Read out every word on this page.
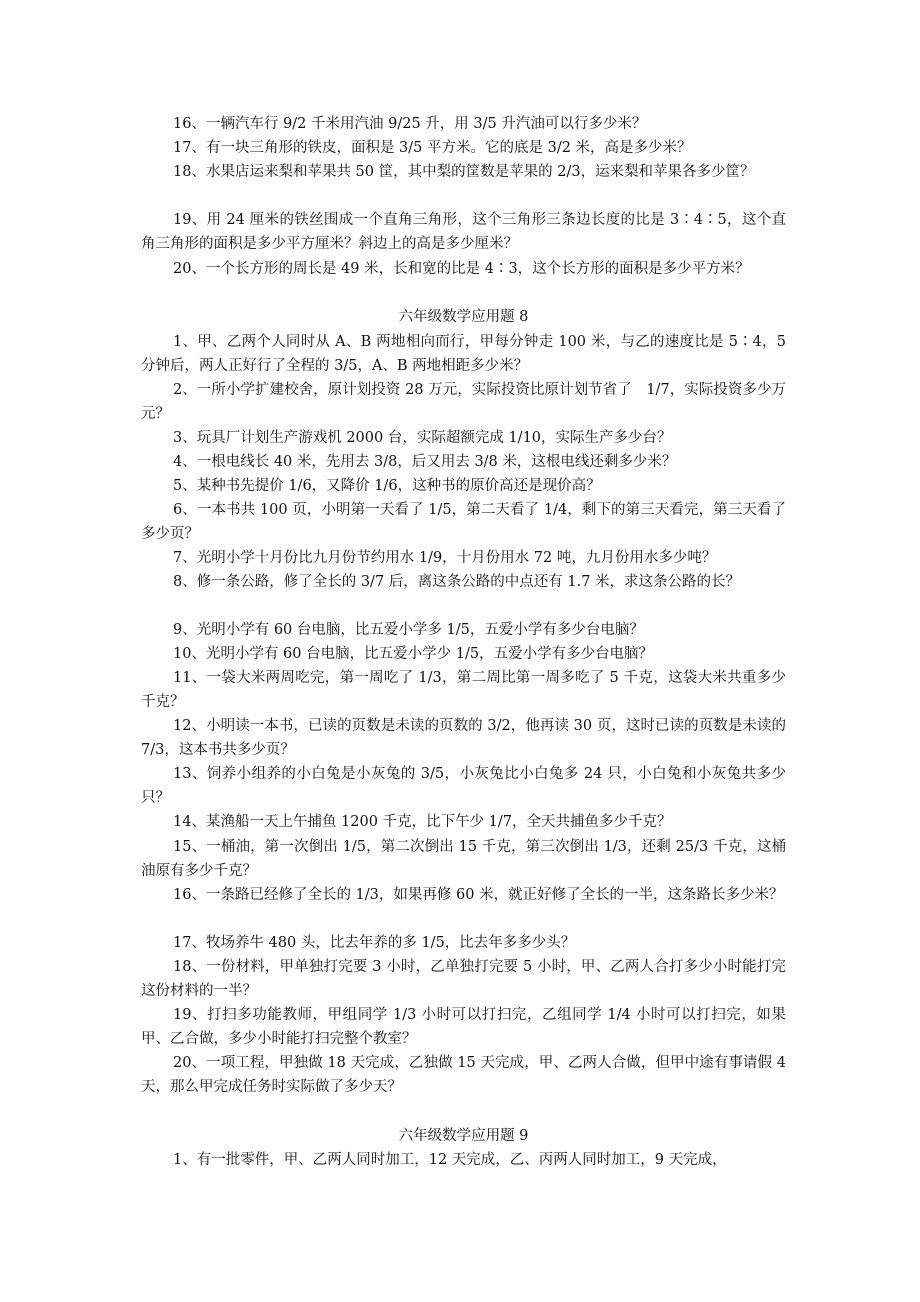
16、一辆汽车行 9/2 千米用汽油 9/25 升，用 3/5 升汽油可以行多少米？

17、有一块三角形的铁皮，面积是 3/5 平方米。它的底是 3/2 米，高是多少米？

18、水果店运来梨和苹果共 50 筐，其中梨的筐数是苹果的 2/3，运来梨和苹果各多少筐？

19、用 24 厘米的铁丝围成一个直角三角形，这个三角形三条边长度的比是 3∶4∶5，这个直角三角形的面积是多少平方厘米？斜边上的高是多少厘米？

20、一个长方形的周长是 49 米，长和宽的比是 4∶3，这个长方形的面积是多少平方米？

六年级数学应用题 8

1、甲、乙两个人同时从 A、B 两地相向而行，甲每分钟走 100 米，与乙的速度比是 5∶4，5 分钟后，两人正好行了全程的 3/5，A、B 两地相距多少米？

2、一所小学扩建校舍，原计划投资 28 万元，实际投资比原计划节省了　1/7，实际投资多少万元？

3、玩具厂计划生产游戏机 2000 台，实际超额完成 1/10，实际生产多少台？

4、一根电线长 40 米，先用去 3/8，后又用去 3/8 米，这根电线还剩多少米？

5、某种书先提价 1/6，又降价 1/6，这种书的原价高还是现价高？

6、一本书共 100 页，小明第一天看了 1/5，第二天看了 1/4，剩下的第三天看完，第三天看了多少页？

7、光明小学十月份比九月份节约用水 1/9，十月份用水 72 吨，九月份用水多少吨？

8、修一条公路，修了全长的 3/7 后，离这条公路的中点还有 1.7 米，求这条公路的长？

9、光明小学有 60 台电脑，比五爱小学多 1/5，五爱小学有多少台电脑？

10、光明小学有 60 台电脑，比五爱小学少 1/5，五爱小学有多少台电脑？

11、一袋大米两周吃完，第一周吃了 1/3，第二周比第一周多吃了 5 千克，这袋大米共重多少千克？

12、小明读一本书，已读的页数是未读的页数的 3/2，他再读 30 页，这时已读的页数是未读的 7/3，这本书共多少页？

13、饲养小组养的小白兔是小灰兔的 3/5，小灰兔比小白兔多 24 只，小白兔和小灰兔共多少只？

14、某渔船一天上午捕鱼 1200 千克，比下午少 1/7，全天共捕鱼多少千克？

15、一桶油，第一次倒出 1/5，第二次倒出 15 千克，第三次倒出 1/3，还剩 25/3 千克，这桶油原有多少千克？

16、一条路已经修了全长的 1/3，如果再修 60 米，就正好修了全长的一半，这条路长多少米？

17、牧场养牛 480 头，比去年养的多 1/5，比去年多多少头？

18、一份材料，甲单独打完要 3 小时，乙单独打完要 5 小时，甲、乙两人合打多少小时能打完这份材料的一半？

19、打扫多功能教师，甲组同学 1/3 小时可以打扫完，乙组同学 1/4 小时可以打扫完，如果甲、乙合做，多少小时能打扫完整个教室？

20、一项工程，甲独做 18 天完成，乙独做 15 天完成，甲、乙两人合做，但甲中途有事请假 4 天，那么甲完成任务时实际做了多少天？

六年级数学应用题 9

1、有一批零件，甲、乙两人同时加工，12 天完成，乙、丙两人同时加工，9 天完成，
